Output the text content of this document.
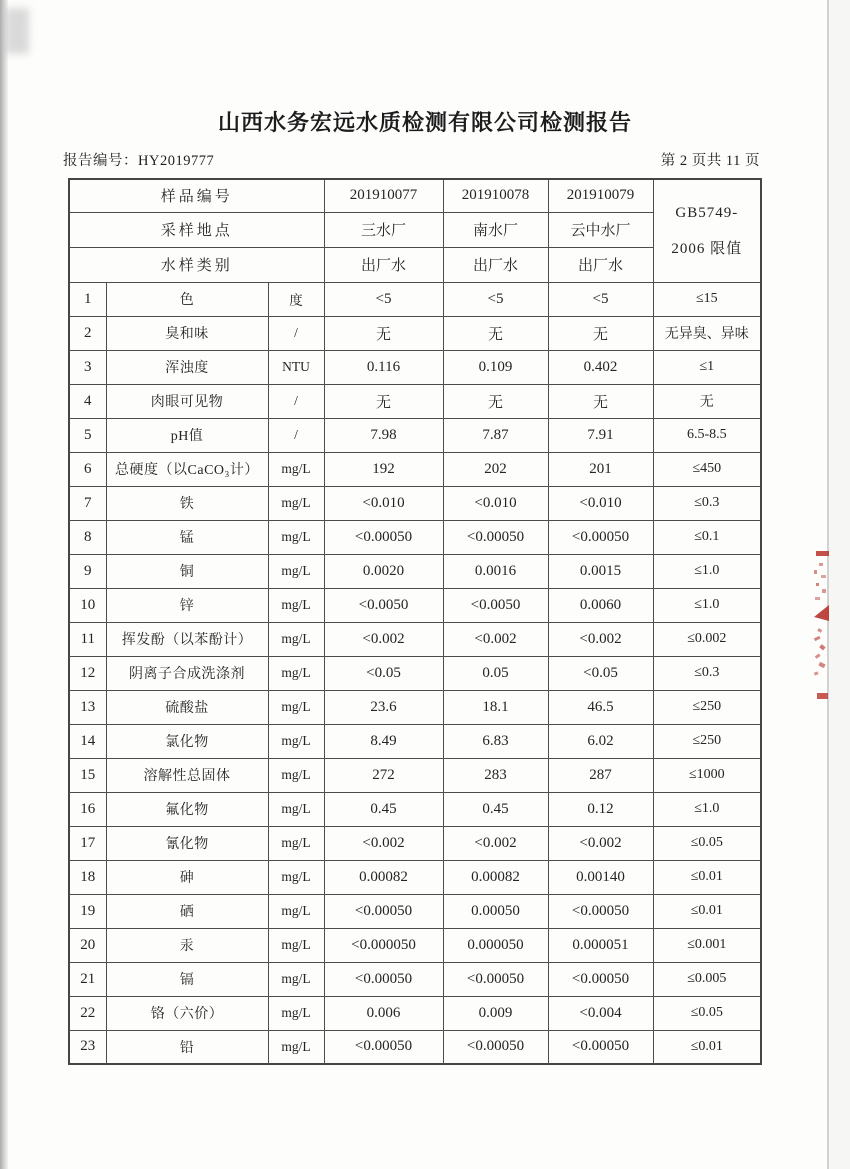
山西水务宏远水质检测有限公司检测报告
报告编号：HY2019777	第 2 页共 11 页
样品编号			201910077	201910078	201910079	GB5749-
2006 限值

采样地点			三水厂	南水厂	云中水厂	
水样类别			出厂水	出厂水	出厂水	
1	色	度	<5	<5	<5	≤15
2	臭和味	/	无	无	无	无异臭、异味
3	浑浊度	NTU	0.116	0.109	0.402	≤1
4	肉眼可见物	/	无	无	无	无
5	pH值	/	7.98	7.87	7.91	6.5-8.5
6	总硬度（以CaCO₃计）	mg/L	192	202	201	≤450
7	铁	mg/L	<0.010	<0.010	<0.010	≤0.3
8	锰	mg/L	<0.00050	<0.00050	<0.00050	≤0.1
9	铜	mg/L	0.0020	0.0016	0.0015	≤1.0
10	锌	mg/L	<0.0050	<0.0050	0.0060	≤1.0
11	挥发酚（以苯酚计）	mg/L	<0.002	<0.002	<0.002	≤0.002
12	阴离子合成洗涤剂	mg/L	<0.05	0.05	<0.05	≤0.3
13	硫酸盐	mg/L	23.6	18.1	46.5	≤250
14	氯化物	mg/L	8.49	6.83	6.02	≤250
15	溶解性总固体	mg/L	272	283	287	≤1000
16	氟化物	mg/L	0.45	0.45	0.12	≤1.0
17	氰化物	mg/L	<0.002	<0.002	<0.002	≤0.05
18	砷	mg/L	0.00082	0.00082	0.00140	≤0.01
19	硒	mg/L	<0.00050	0.00050	<0.00050	≤0.01
20	汞	mg/L	<0.000050	0.000050	0.000051	≤0.001
21	镉	mg/L	<0.00050	<0.00050	<0.00050	≤0.005
22	铬（六价）	mg/L	0.006	0.009	<0.004	≤0.05
23	铅	mg/L	<0.00050	<0.00050	<0.00050	≤0.01
